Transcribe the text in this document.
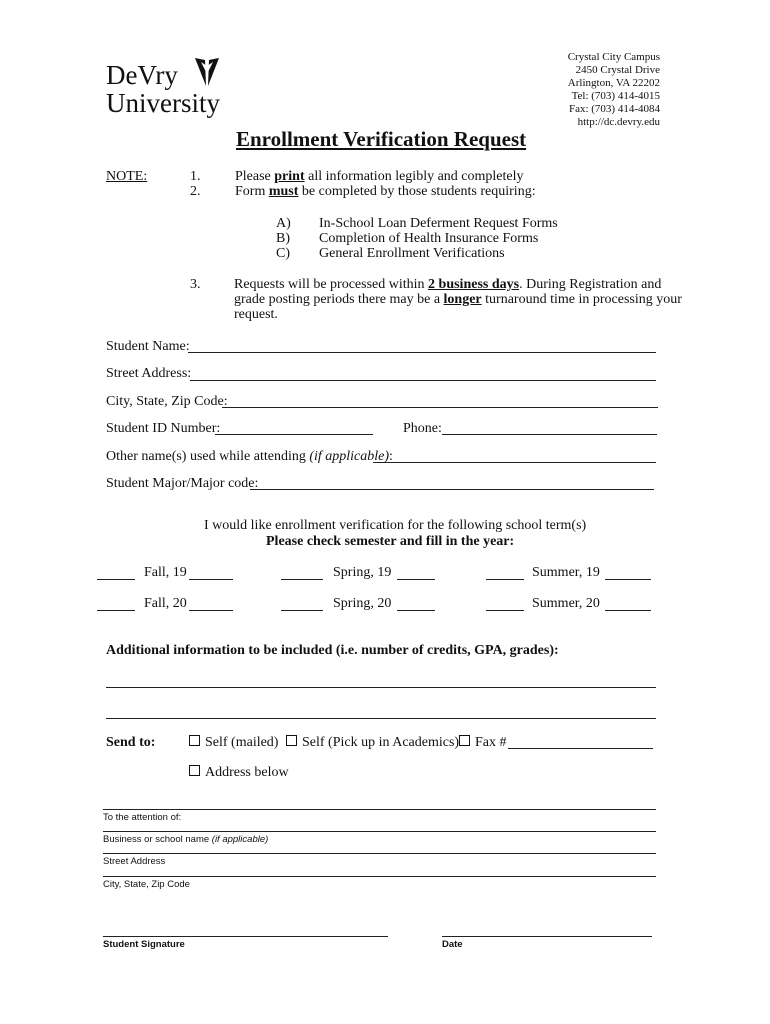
DeVry
University
Crystal City Campus
2450 Crystal Drive
Arlington, VA 22202
Tel: (703) 414-4015
Fax: (703) 414-4084
http://dc.devry.edu
Enrollment Verification Request
NOTE:	1. Please print all information legibly and completely
2. Form must be completed by those students requiring:
A) In-School Loan Deferment Request Forms
B) Completion of Health Insurance Forms
C) General Enrollment Verifications
3. Requests will be processed within 2 business days. During Registration and
grade posting periods there may be a longer turnaround time in processing your
request.
Student Name:
Street Address:
City, State, Zip Code:
Student ID Number:	Phone:
Other name(s) used while attending (if applicable):
Student Major/Major code:
I would like enrollment verification for the following school term(s)
Please check semester and fill in the year:
Fall, 19	Spring, 19	Summer, 19
Fall, 20	Spring, 20	Summer, 20
Additional information to be included (i.e. number of credits, GPA, grades):
Send to:	Self (mailed)	Self (Pick up in Academics)	Fax #
Address below
To the attention of:
Business or school name (if applicable)
Street Address
City, State, Zip Code
Student Signature	Date
